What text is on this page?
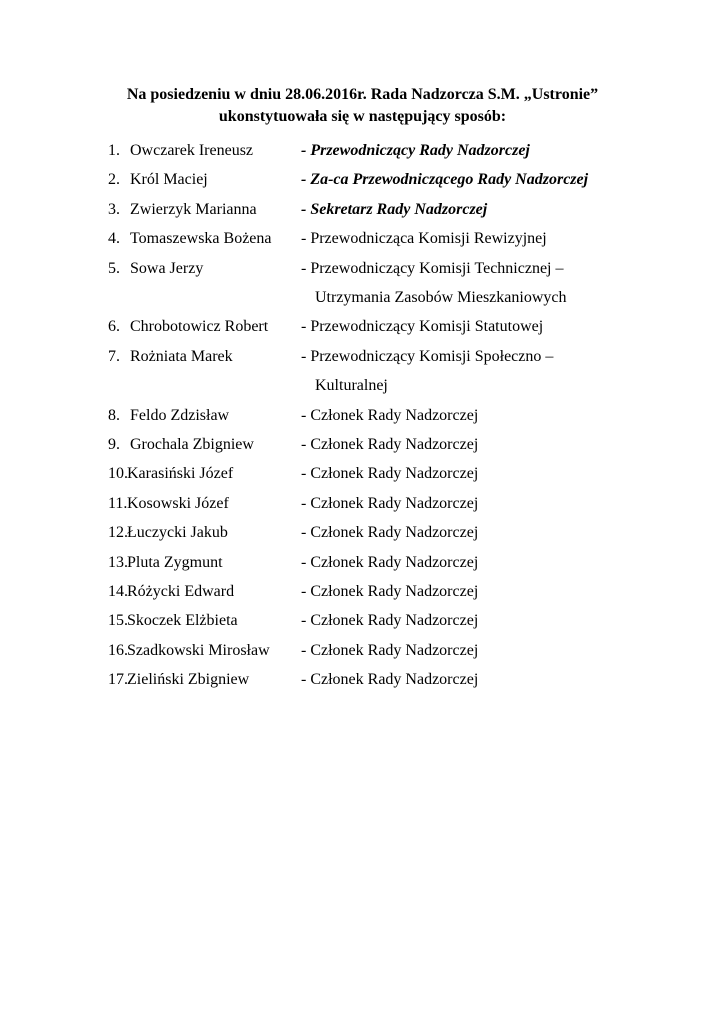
Na posiedzeniu w dniu 28.06.2016r. Rada Nadzorcza S.M. „Ustronie”
ukonstytuowała się w następujący sposób:
1. Owczarek Ireneusz	- Przewodniczący Rady Nadzorczej
2. Król Maciej	- Za-ca Przewodniczącego Rady Nadzorczej
3. Zwierzyk Marianna	- Sekretarz Rady Nadzorczej
4. Tomaszewska Bożena - Przewodnicząca Komisji Rewizyjnej
5. Sowa Jerzy	- Przewodniczący Komisji Technicznej –
Utrzymania Zasobów Mieszkaniowych
6. Chrobotowicz Robert - Przewodniczący Komisji Statutowej
7. Rożniata Marek	- Przewodniczący Komisji Społeczno –
Kulturalnej
8. Feldo Zdzisław	- Członek Rady Nadzorczej
9. Grochala Zbigniew	- Członek Rady Nadzorczej
10. Karasiński Józef	- Członek Rady Nadzorczej
11. Kosowski Józef	- Członek Rady Nadzorczej
12. Łuczycki Jakub	- Członek Rady Nadzorczej
13. Pluta Zygmunt	- Członek Rady Nadzorczej
14. Różycki Edward	- Członek Rady Nadzorczej
15. Skoczek Elżbieta	- Członek Rady Nadzorczej
16. Szadkowski Mirosław - Członek Rady Nadzorczej
17. Zieliński Zbigniew	- Członek Rady Nadzorczej
